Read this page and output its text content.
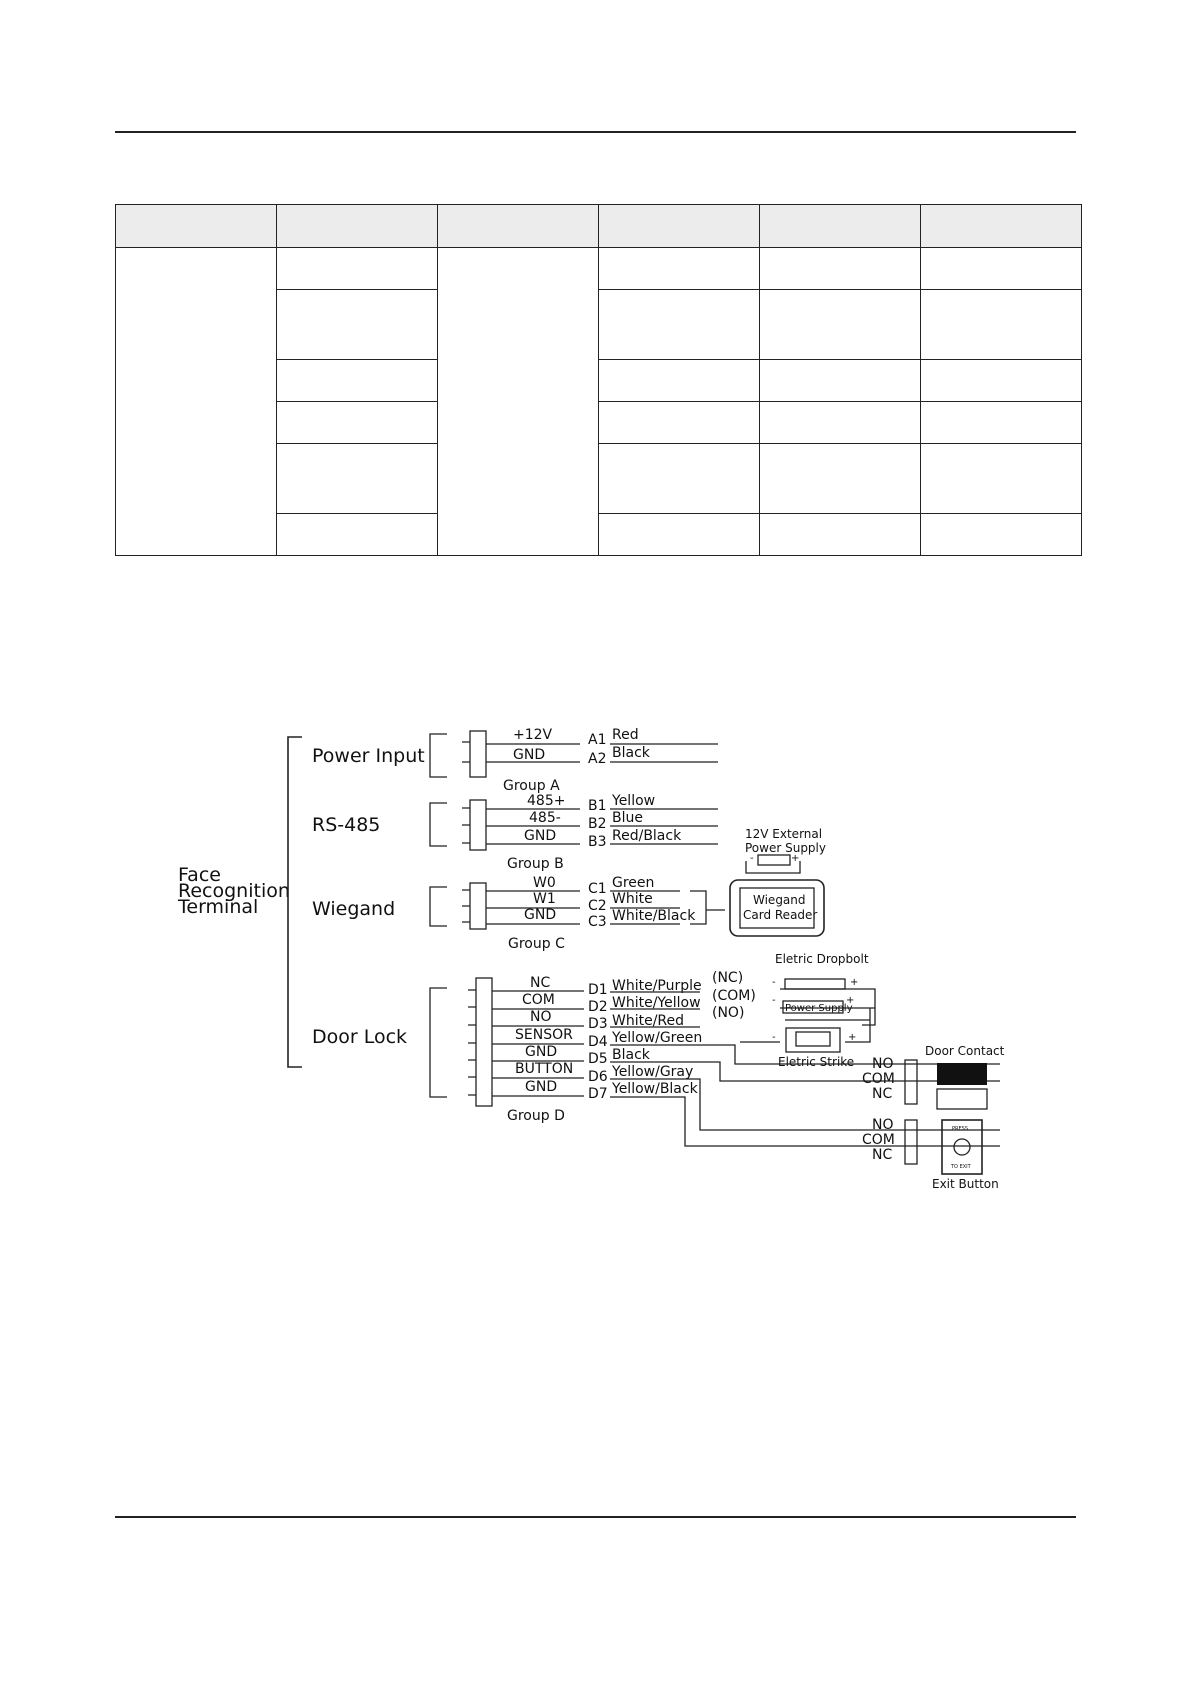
Face
Recognition
Terminal
Power Input
RS-485
Wiegand
Door Lock
+12V
GND
A1
A2
Red
Black
Group A
485+
485-
GND
B1
B2
B3
Yellow
Blue
Red/Black
Group B
12V External
Power Supply
-	+
W0
W1
GND
C1
C2
C3
Green
White
White/Black
Group C
Wiegand
Card Reader
NC
COM
NO
SENSOR
GND
BUTTON
GND
D1
D2
D3
D4
D5
D6
D7
White/Purple
White/Yellow
White/Red
Yellow/Green
Black
Yellow/Gray
Yellow/Black
Group D
(NC)
(COM)
(NO)
Eletric Dropbolt
-	+
Power Supply
-	+
-	+
Eletric Strike
Door Contact
NO
COM
NC
NO
COM
NC
PRESS
TO EXIT
Exit Button
